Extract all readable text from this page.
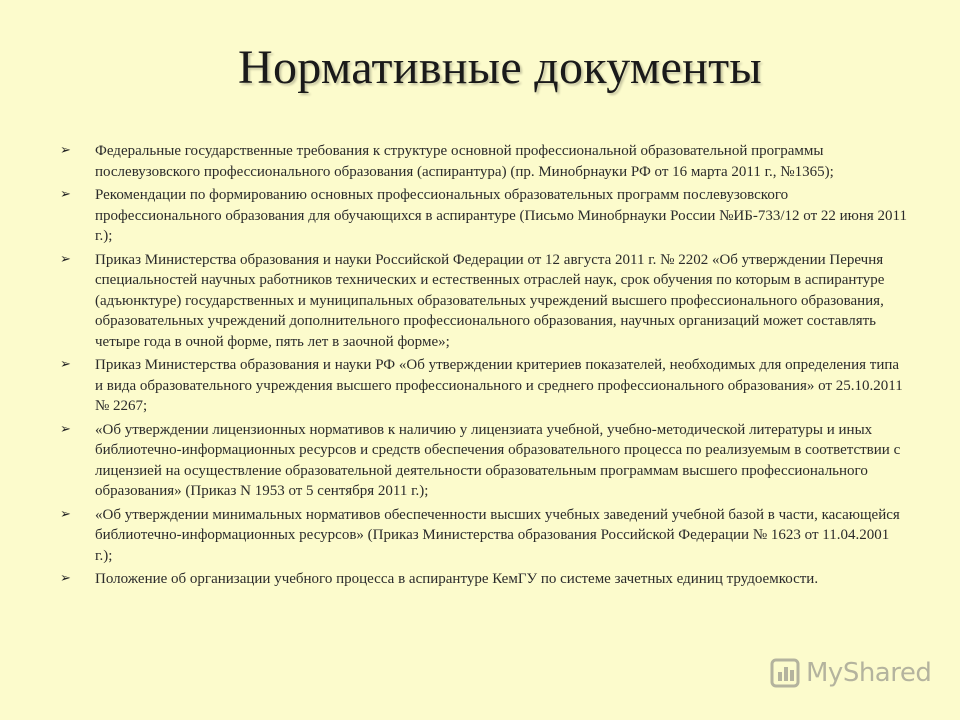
Нормативные документы
➢ Федеральные государственные требования к структуре основной профессиональной образовательной программы послевузовского профессионального образования (аспирантура) (пр. Минобрнауки РФ от 16 марта 2011 г., №1365);
➢ Рекомендации по формированию основных профессиональных образовательных программ послевузовского профессионального образования для обучающихся в аспирантуре (Письмо Минобрнауки России №ИБ-733/12 от 22 июня 2011 г.);
➢ Приказ Министерства образования и науки Российской Федерации от 12 августа 2011 г. № 2202 «Об утверждении Перечня специальностей научных работников технических и естественных отраслей наук, срок обучения по которым в аспирантуре (адъюнктуре) государственных и муниципальных образовательных учреждений высшего профессионального образования, образовательных учреждений дополнительного профессионального образования, научных организаций может составлять четыре года в очной форме, пять лет в заочной форме»;
➢ Приказ Министерства образования и науки РФ «Об утверждении критериев показателей, необходимых для определения типа и вида образовательного учреждения высшего профессионального и среднего профессионального образования» от 25.10.2011 № 2267;
➢ «Об утверждении лицензионных нормативов к наличию у лицензиата учебной, учебно-методической литературы и иных библиотечно-информационных ресурсов и средств обеспечения образовательного процесса по реализуемым в соответствии с лицензией на осуществление образовательной деятельности образовательным программам высшего профессионального образования» (Приказ N 1953 от 5 сентября 2011 г.);
➢ «Об утверждении минимальных нормативов обеспеченности высших учебных заведений учебной базой в части, касающейся библиотечно-информационных ресурсов» (Приказ Министерства образования Российской Федерации № 1623 от 11.04.2001 г.);
➢ Положение об организации учебного процесса в аспирантуре КемГУ по системе зачетных единиц трудоемкости.
MyShared
